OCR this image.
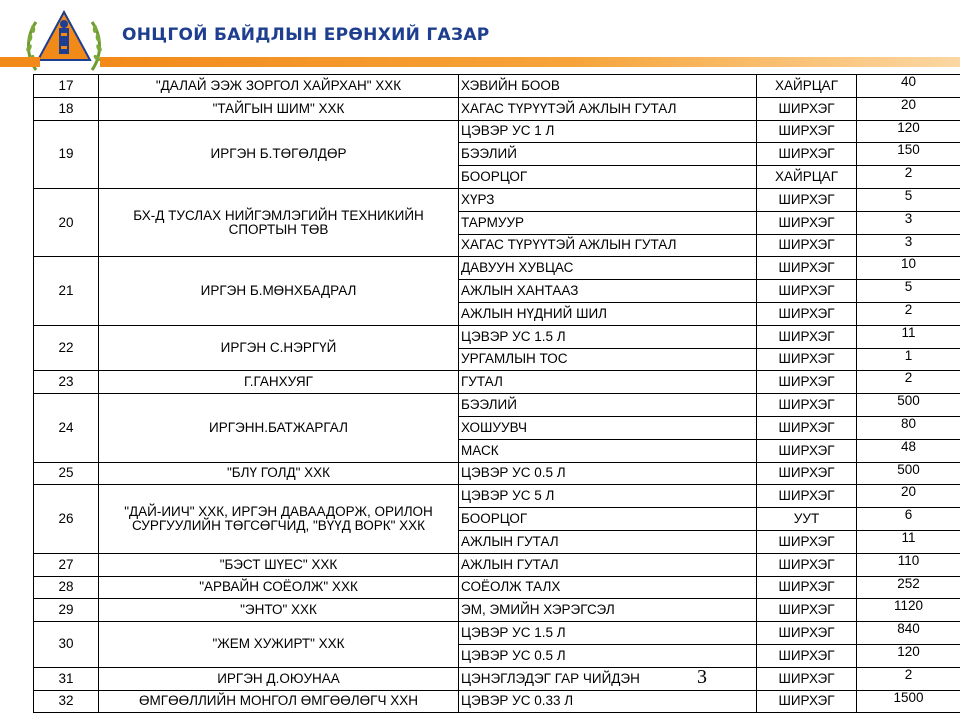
ОНЦГОЙ БАЙДЛЫН ЕРӨНХИЙ ГАЗАР
17	"ДАЛАЙ ЭЭЖ ЗОРГОЛ ХАЙРХАН" ХХК	ХЭВИЙН БООВ	ХАЙРЦАГ	40
18	"ТАЙГЫН ШИМ" ХХК	ХАГАС ТҮРҮҮТЭЙ АЖЛЫН ГУТАЛ	ШИРХЭГ	20
19	ИРГЭН Б.ТӨГӨЛДӨР	ЦЭВЭР УС 1 Л	ШИРХЭГ	120
		БЭЭЛИЙ	ШИРХЭГ	150
		БООРЦОГ	ХАЙРЦАГ	2
20	БХ-Д ТУСЛАХ НИЙГЭМЛЭГИЙН ТЕХНИКИЙН СПОРТЫН ТӨВ	ХҮРЗ	ШИРХЭГ	5
		ТАРМУУР	ШИРХЭГ	3
		ХАГАС ТҮРҮҮТЭЙ АЖЛЫН ГУТАЛ	ШИРХЭГ	3
21	ИРГЭН Б.МӨНХБАДРАЛ	ДАВУУН ХУВЦАС	ШИРХЭГ	10
		АЖЛЫН ХАНТААЗ	ШИРХЭГ	5
		АЖЛЫН НҮДНИЙ ШИЛ	ШИРХЭГ	2
22	ИРГЭН С.НЭРГҮЙ	ЦЭВЭР УС 1.5 Л	ШИРХЭГ	11
		УРГАМЛЫН ТОС	ШИРХЭГ	1
23	Г.ГАНХУЯГ	ГУТАЛ	ШИРХЭГ	2
24	ИРГЭНН.БАТЖАРГАЛ	БЭЭЛИЙ	ШИРХЭГ	500
		ХОШУУВЧ	ШИРХЭГ	80
		МАСК	ШИРХЭГ	48
25	"БЛҮ ГОЛД" ХХК	ЦЭВЭР УС 0.5 Л	ШИРХЭГ	500
26	"ДАЙ-ИИЧ" ХХК, ИРГЭН ДАВААДОРЖ, ОРИЛОН СУРГУУЛИЙН ТӨГСӨГЧИД, "ВҮҮД ВОРК" ХХК	ЦЭВЭР УС 5 Л	ШИРХЭГ	20
		БООРЦОГ	УУТ	6
		АЖЛЫН ГУТАЛ	ШИРХЭГ	11
27	"БЭСТ ШҮЕС" ХХК	АЖЛЫН ГУТАЛ	ШИРХЭГ	110
28	"АРВАЙН СОЁОЛЖ" ХХК	СОЁОЛЖ ТАЛХ	ШИРХЭГ	252
29	"ЭНТО" ХХК	ЭМ, ЭМИЙН ХЭРЭГСЭЛ	ШИРХЭГ	1120
30	"ЖЕМ ХУЖИРТ" ХХК	ЦЭВЭР УС 1.5 Л	ШИРХЭГ	840
		ЦЭВЭР УС 0.5 Л	ШИРХЭГ	120
31	ИРГЭН Д.ОЮУНАА	ЦЭНЭГЛЭДЭГ ГАР ЧИЙДЭН	ШИРХЭГ	2
32	ӨМГӨӨЛЛИЙН МОНГОЛ ӨМГӨӨЛӨГЧ ХХН	ЦЭВЭР УС 0.33 Л	ШИРХЭГ	1500
3
